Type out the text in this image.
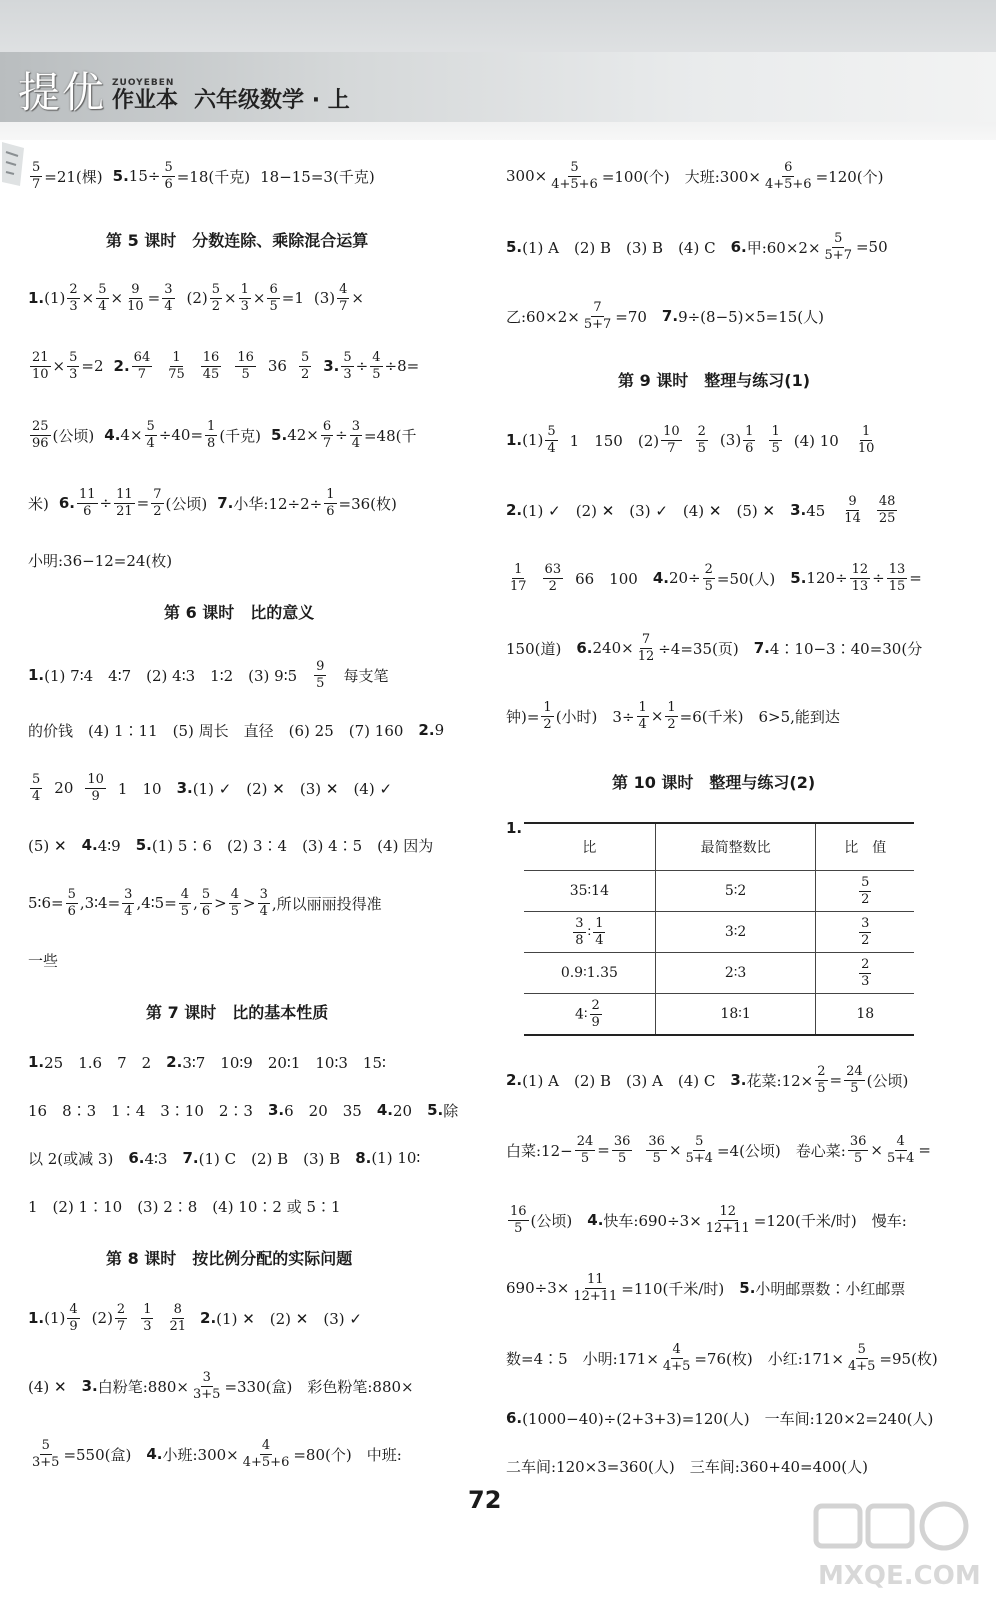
提优 ZUOYEBEN
作业本 六年级数学 · 上
$\frac{5}{7} =21$(棵) 5. $15\div \frac{5}{6} =18$(千克) 18−15=3(千克)
第 5 课时　分数连除、乘除混合运算
1. $(1) \frac{2}{3} \times \frac{5}{4} \times \frac{9}{10} = \frac{3}{4} (2) \frac{5}{2} \times \frac{1}{3} \times \frac{6}{5} =1$ $(3) \frac{4}{7}$ ×
$\frac{21}{10} \times \frac{5}{3} =2$ 2. $\frac{64}{7} \frac{1}{75} \frac{16}{45} \frac{16}{5} 36 \frac{5}{2} 3$. $\frac{5}{3} \div \frac{4}{5} \div 8=$
$\frac{25}{96}$ (公顷) 4. $4\times \frac{5}{4} \div 40= \frac{1}{8}$ (千克) 5. $42\times \frac{6}{7} \div \frac{3}{4} =48$(千
米) 6. $\frac{11}{6} \div \frac{11}{21} = \frac{7}{2}$ (公顷) 7. 小华:12÷2÷ $\frac{1}{6} =36$(枚)
小明:36−12=24(枚)
第 6 课时　比的意义
1. (1) 7∶4　4∶7　(2) 4∶3　1∶2　(3) 9∶5　 $\frac{9}{5}$ 　每支笔
的价钱　(4) 1∶11　(5) 周长　直径　(6) 25　(7) 160　 2. 9
$\frac{5}{4} 20 \frac{10}{9} 1$　10　 3. (1) ✓　(2) ✕　(3) ✕　(4) ✓
(5) ✕　 4. 4∶9　 5. (1) 5∶6　(2) 3∶4　(3) 4∶5　(4) 因为
5∶6= $\frac{5}{6}$ ,3∶4= $\frac{3}{4}$ ,4∶5= $\frac{4}{5}$ , $\frac{5}{6} > \frac{4}{5} > \frac{3}{4}$ ,所以丽丽投得准
一些
第 7 课时　比的基本性质
1. 25　1.6　7　2　 2. 3∶7　10∶9　20∶1　10∶3　15∶
16　8∶3　1∶4　3∶10　2∶3　 3. 6　20　35　 4. 20　 5. 除
以 2(或减 3)　 6. 4∶3　 7. (1) C　(2) B　(3) B　 8. (1) 10∶
1　(2) 1∶10　(3) 2∶8　(4) 10∶2 或 5∶1
第 8 课时　按比例分配的实际问题
1. $(1) \frac{4}{9} (2) \frac{2}{7} \frac{1}{3} \frac{8}{21} 2$. (1) ✕　(2) ✕　(3) ✓
(4) ✕　 3. 白粉笔:880× $\frac{3}{3+5} =330$(盒)　彩色粉笔:880×
$\frac{5}{3+5} =550$(盒)　 4. 小班:300× $\frac{4}{4+5+6} =80$(个)　中班:
$300\times \frac{5}{4+5+6} =100$(个)　大班:300× $\frac{6}{4+5+6} =120$(个)
5. (1) A　(2) B　(3) B　(4) C　 6. 甲:60×2× $\frac{5}{5+7} =50$
乙:60×2× $\frac{7}{5+7} =70$　 7. 9÷(8−5)×5=15(人)
第 9 课时　整理与练习(1)
1. $(1) \frac{5}{4} 1$　150　$(2) \frac{10}{7} \frac{2}{5} (3) \frac{1}{6} \frac{1}{5} (4)$ 10　 $\frac{1}{10}$
2. (1) ✓　(2) ✕　(3) ✓　(4) ✕　(5) ✕　 3. 45　 $\frac{9}{14} \frac{48}{25}$
$\frac{1}{17} \frac{63}{2} 66$　100　 4. $20\div \frac{2}{5} =50$(人)　 5. $120\div \frac{12}{13} \div \frac{13}{15}$ =
150(道)　 6. $240\times \frac{7}{12} \div 4=35$(页)　 7. 4∶10−3∶40=30(分
钟)= $\frac{1}{2}$ (小时)　$3\div \frac{1}{4} \times \frac{1}{2} =6$(千米)　6>5,能到达
第 10 课时　整理与练习(2)
1.
2. (1) A　(2) B　(3) A　(4) C　 3. 花菜:12× $\frac{2}{5} = \frac{24}{5}$ (公顷)
白菜:12− $\frac{24}{5} = \frac{36}{5} \frac{36}{5} \times \frac{5}{5+4} =4$(公顷)　卷心菜: $\frac{36}{5} \times \frac{4}{5+4}$ =
$\frac{16}{5}$ (公顷)　 4. 快车:690÷3× $\frac{12}{12+11} =120$(千米/时)　慢车:
$690\div 3\times \frac{11}{12+11} =110$(千米/时)　 5. 小明邮票数∶小红邮票
数=4∶5　小明:171× $\frac{4}{4+5} =76$(枚)　小红:171× $\frac{5}{4+5} =95$(枚)
6. (1000−40)÷(2+3+3)=120(人)　一车间:120×2=240(人)
二车间:120×3=360(人)　三车间:360+40=400(人)
比	最简整数比	比　值
35∶14	5∶2	$\frac{5}{2}$

$\frac{3}{8}$ ∶ $\frac{1}{4}$	3∶2	$\frac{3}{2}$

0.9∶1.35	2∶3	$\frac{2}{3}$

4∶ $\frac{2}{9}$	18∶1	18
72
MXQE.COM
